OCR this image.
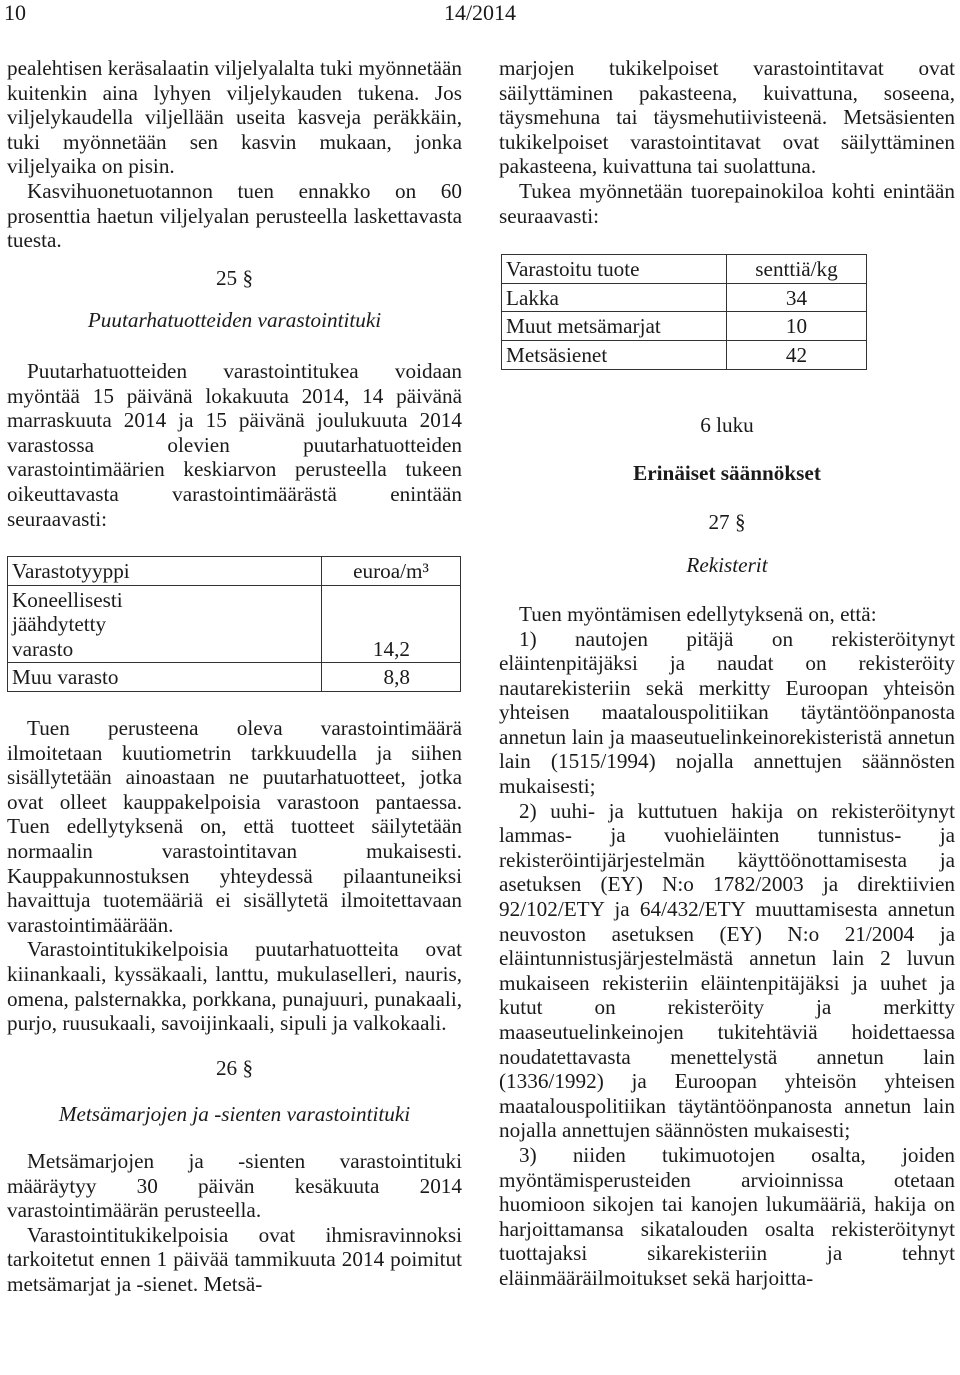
10	14/2014

pealehtisen keräsalaatin viljelyalalta tuki myönnetään kuitenkin aina lyhyen viljelykauden tukena. Jos viljelykaudella viljellään useita kasveja peräkkäin, tuki myönnetään sen kasvin mukaan, jonka viljelyaika on pisin.

Kasvihuonetuotannon tuen ennakko on 60 prosenttia haetun viljelyalan perusteella laskettavasta tuesta.

25 §

Puutarhatuotteiden varastointituki

Puutarhatuotteiden varastointitukea voidaan myöntää 15 päivänä lokakuuta 2014, 14 päivänä marraskuuta 2014 ja 15 päivänä joulukuuta 2014 varastossa olevien puutarhatuotteiden varastointimäärien keskiarvon perusteella tukeen oikeuttavasta varastointimäärästä enintään seuraavasti:

Varastotyyppi	euroa/m³
Koneellisesti jäähdytetty varasto	14,2
Muu varasto	8,8

Tuen perusteena oleva varastointimäärä ilmoitetaan kuutiometrin tarkkuudella ja siihen sisällytetään ainoastaan ne puutarhatuotteet, jotka ovat olleet kauppakelpoisia varastoon pantaessa. Tuen edellytyksenä on, että tuotteet säilytetään normaalin varastointitavan mukaisesti. Kauppakunnostuksen yhteydessä pilaantuneiksi havaittuja tuotemääriä ei sisällytetä ilmoitettavaan varastointimäärään.

Varastointitukikelpoisia puutarhatuotteita ovat kiinankaali, kyssäkaali, lanttu, mukulaselleri, nauris, omena, palsternakka, porkkana, punajuuri, punakaali, purjo, ruusukaali, savoijinkaali, sipuli ja valkokaali.

26 §

Metsämarjojen ja -sienten varastointituki

Metsämarjojen ja -sienten varastointituki määräytyy 30 päivän kesäkuuta 2014 varastointimäärän perusteella.

Varastointitukikelpoisia ovat ihmisravinnoksi tarkoitetut ennen 1 päivää tammikuuta 2014 poimitut metsämarjat ja -sienet. Metsä-

marjojen tukikelpoiset varastointitavat ovat säilyttäminen pakasteena, kuivattuna, soseena, täysmehuna tai täysmehutiivisteenä. Metsäsienten tukikelpoiset varastointitavat ovat säilyttäminen pakasteena, kuivattuna tai suolattuna.

Tukea myönnetään tuorepainokiloa kohti enintään seuraavasti:

Varastoitu tuote	senttiä/kg
Lakka	34
Muut metsämarjat	10
Metsäsienet	42

6 luku

Erinäiset säännökset

27 §

Rekisterit

Tuen myöntämisen edellytyksenä on, että:

1) nautojen pitäjä on rekisteröitynyt eläintenpitäjäksi ja naudat on rekisteröity nautarekisteriin sekä merkitty Euroopan yhteisön yhteisen maatalouspolitiikan täytäntöönpanosta annetun lain ja maaseutuelinkeinorekisteristä annetun lain (1515/1994) nojalla annettujen säännösten mukaisesti;

2) uuhi- ja kuttutuen hakija on rekisteröitynyt lammas- ja vuohieläinten tunnistus- ja rekisteröintijärjestelmän käyttöönottamisesta ja asetuksen (EY) N:o 1782/2003 ja direktiivien 92/102/ETY ja 64/432/ETY muuttamisesta annetun neuvoston asetuksen (EY) N:o 21/2004 ja eläintunnistusjärjestelmästä annetun lain 2 luvun mukaiseen rekisteriin eläintenpitäjäksi ja uuhet ja kutut on rekisteröity ja merkitty maaseutuelinkeinojen tukitehtäviä hoidettaessa noudatettavasta menettelystä annetun lain (1336/1992) ja Euroopan yhteisön yhteisen maatalouspolitiikan täytäntöönpanosta annetun lain nojalla annettujen säännösten mukaisesti;

3) niiden tukimuotojen osalta, joiden myöntämisperusteiden arvioinnissa otetaan huomioon sikojen tai kanojen lukumääriä, hakija on harjoittamansa sikatalouden osalta rekisteröitynyt tuottajaksi sikarekisteriin ja tehnyt eläinmääräilmoitukset sekä harjoitta-
